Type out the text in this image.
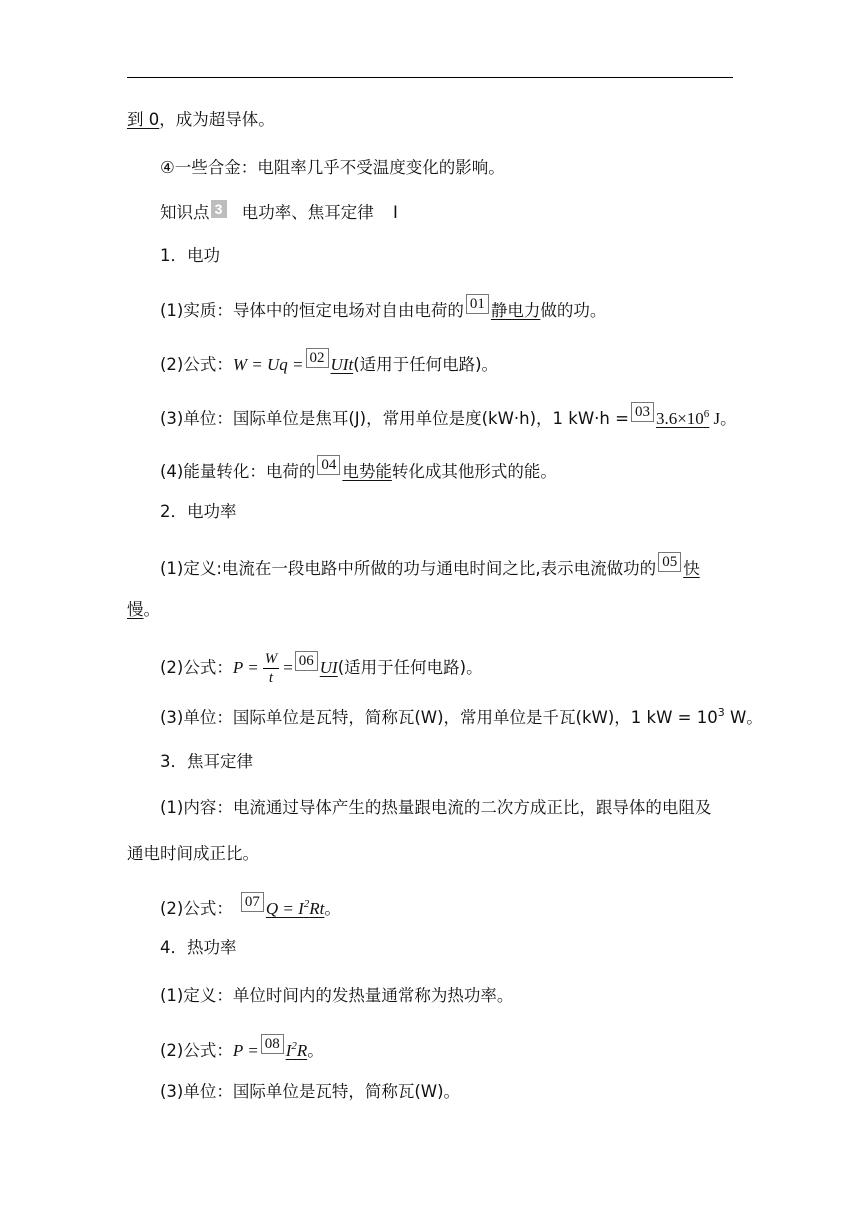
到 0，成为超导体。
④一些合金：电阻率几乎不受温度变化的影响。
知识点 3 电功率、焦耳定律 Ⅰ
1．电功
(1)实质：导体中的恒定电场对自由电荷的 01 静电力做的功。
(2)公式：W = Uq = 02 UIt(适用于任何电路)。
(3)单位：国际单位是焦耳(J)，常用单位是度(kW·h)，1 kW·h = 03 $3.6\times 10^6$ J。
(4)能量转化：电荷的 04 电势能转化成其他形式的能。
2．电功率
(1)定义:电流在一段电路中所做的功与通电时间之比,表示电流做功的 05 快
慢。
(2)公式：$P = \frac{W}{t} = 06$ UI(适用于任何电路)。
(3)单位：国际单位是瓦特，简称瓦(W)，常用单位是千瓦(kW)，1 kW = $10^3$ W。
3．焦耳定律
(1)内容：电流通过导体产生的热量跟电流的二次方成正比，跟导体的电阻及
通电时间成正比。
(2)公式： 07 $Q = I^2Rt$。
4．热功率
(1)定义：单位时间内的发热量通常称为热功率。
(2)公式：P = 08 $I^2R$。
(3)单位：国际单位是瓦特，简称瓦(W)。
